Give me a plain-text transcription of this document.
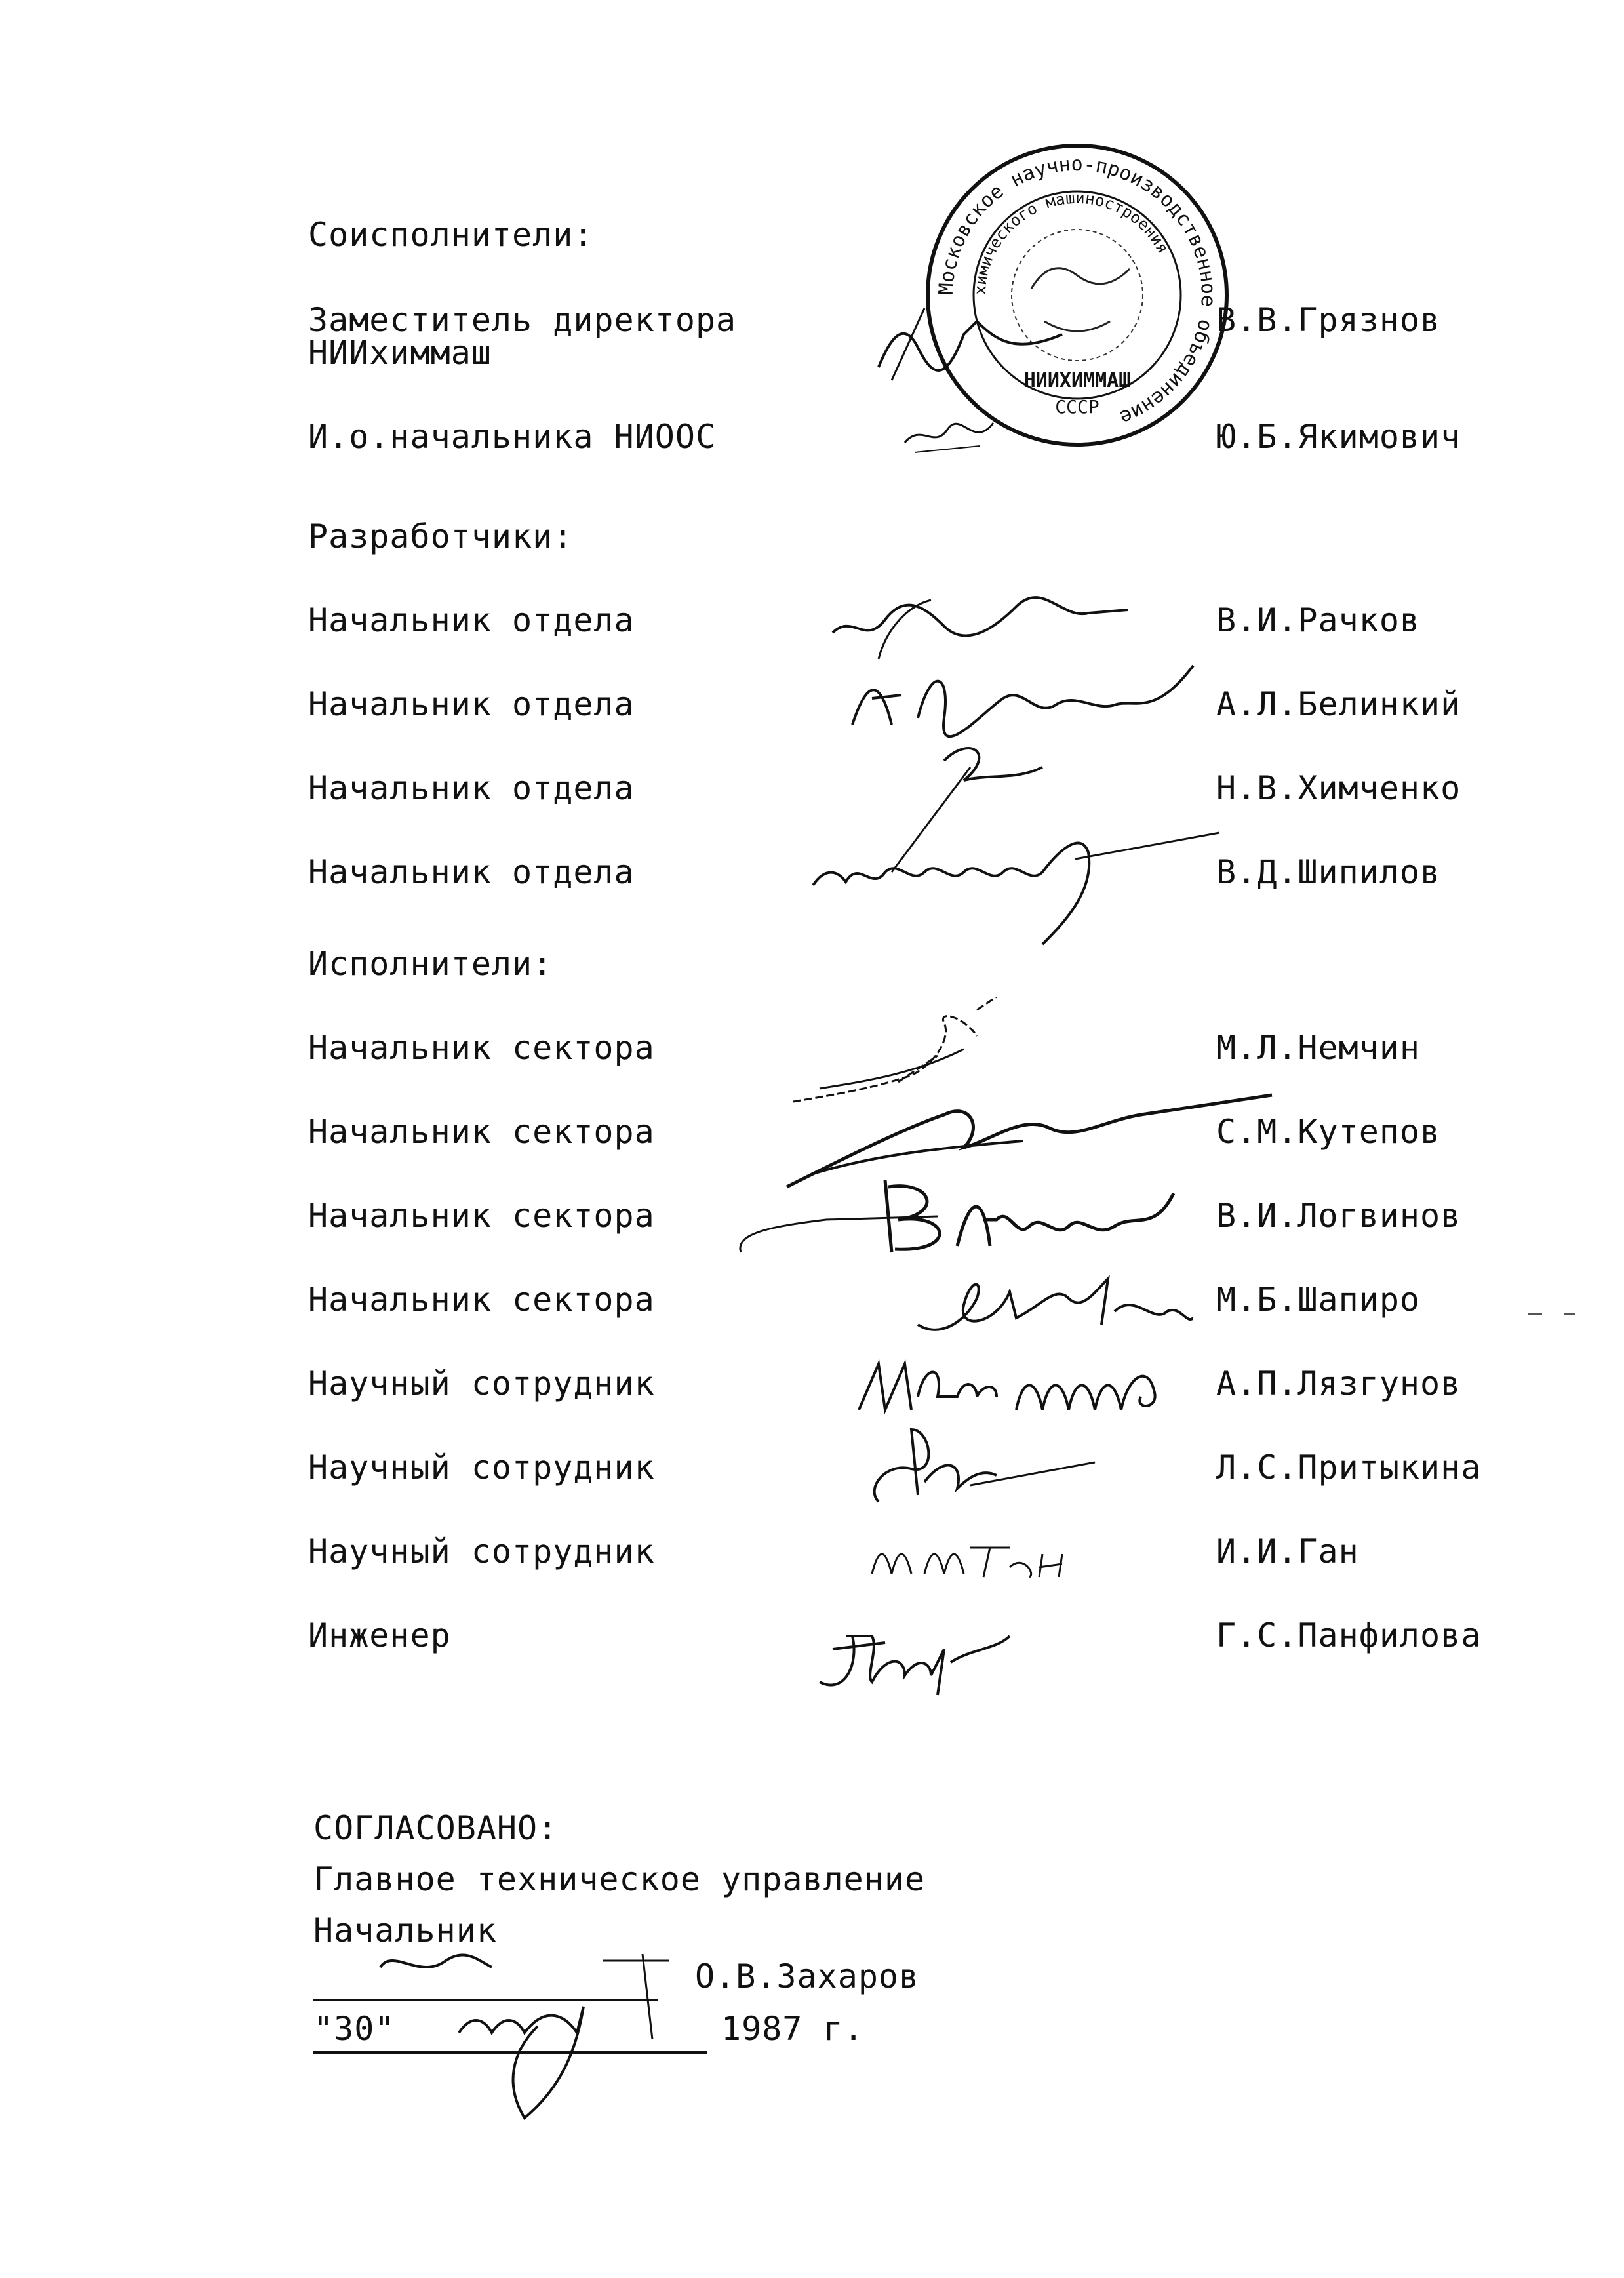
Соисполнители:
Заместитель директора
НИИхиммаш
В.В.Грязнов
И.о.начальника НИООС	Ю.Б.Якимович
Московское научно-производственное объединение
химического машиностроения
НИИХИММАШ
СССР
Разработчики:
Начальник отдела	В.И.Рачков
Начальник отдела	А.Л.Белинкий
Начальник отдела	Н.В.Химченко
Начальник отдела	В.Д.Шипилов
Исполнители:
Начальник сектора	М.Л.Немчин
Начальник сектора	С.М.Кутепов
Начальник сектора	В.И.Логвинов
Начальник сектора	М.Б.Шапиро
Научный сотрудник	А.П.Лязгунов
Научный сотрудник	Л.С.Притыкина
Научный сотрудник	И.И.Ган
Инженер	Г.С.Панфилова
СОГЛАСОВАНО:
Главное техническое управление
Начальник
О.В.Захаров
"30"	1987 г.
